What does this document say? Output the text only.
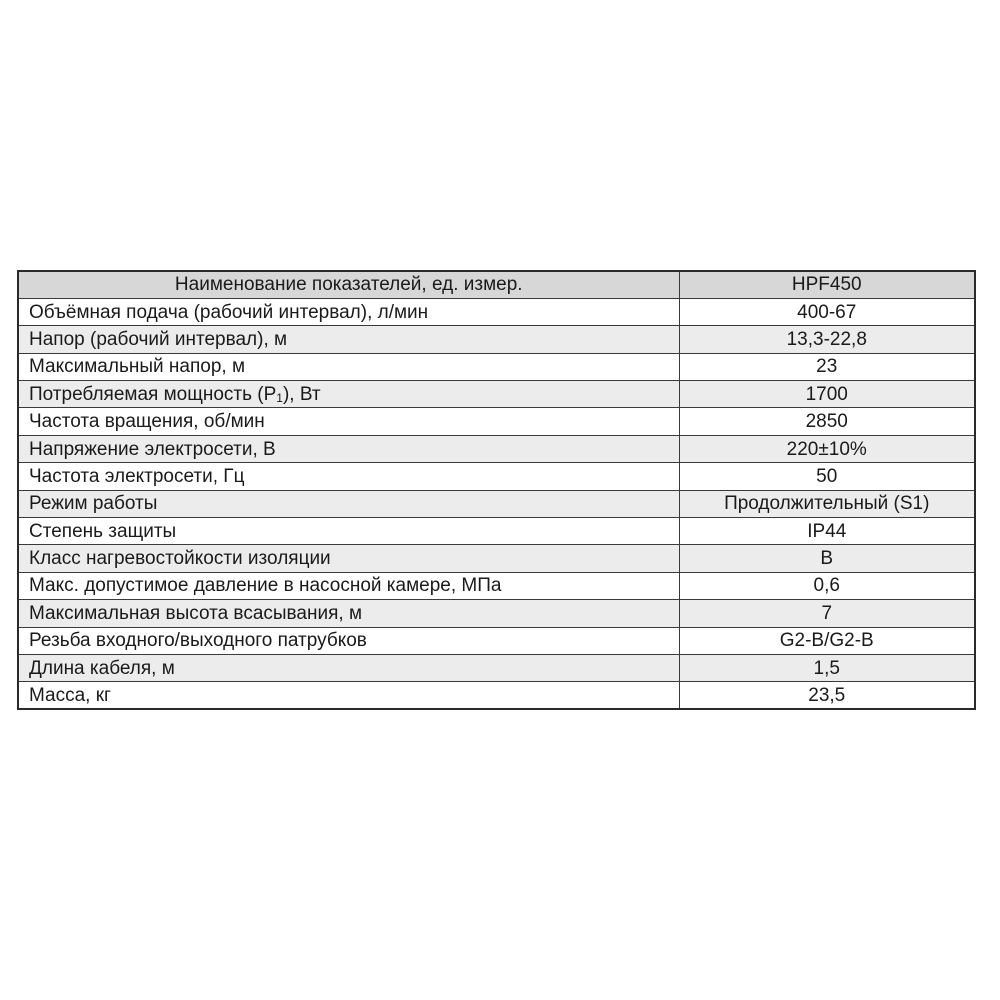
Наименование показателей, ед. измер.	HPF450
Объёмная подача (рабочий интервал), л/мин	400-67
Напор (рабочий интервал), м	13,3-22,8
Максимальный напор, м	23
Потребляемая мощность $(P_1)$, Вт	1700
Частота вращения, об/мин	2850
Напряжение электросети, В	220±10%
Частота электросети, Гц	50
Режим работы	Продолжительный (S1)
Степень защиты	IP44
Класс нагревостойкости изоляции	B
Макс. допустимое давление в насосной камере, МПа	0,6
Максимальная высота всасывания, м	7
Резьба входного/выходного патрубков	G2-B/G2-B
Длина кабеля, м	1,5
Масса, кг	23,5
